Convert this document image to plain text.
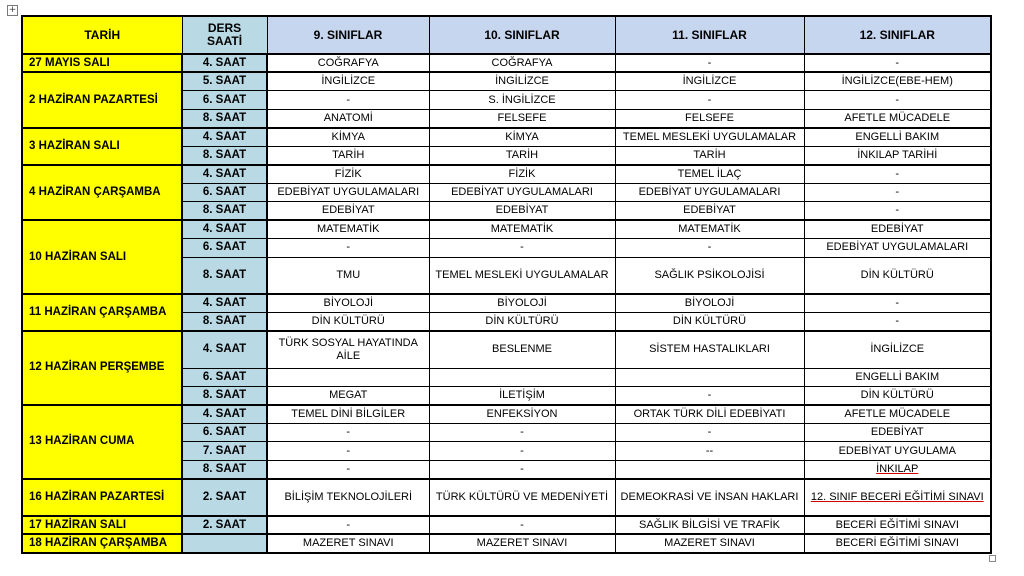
+
TARİH	DERS SAATİ	9. SINIFLAR	10. SINIFLAR	11. SINIFLAR	12. SINIFLAR
27 MAYIS SALI	4. SAAT	COĞRAFYA	COĞRAFYA	-	-
2 HAZİRAN PAZARTESİ	5. SAAT	İNGİLİZCE	İNGİLİZCE	İNGİLİZCE	İNGİLİZCE(EBE-HEM)
	6. SAAT	-	S. İNGİLİZCE	-	-
	8. SAAT	ANATOMİ	FELSEFE	FELSEFE	AFETLE MÜCADELE
3 HAZİRAN SALI	4. SAAT	KİMYA	KİMYA	TEMEL MESLEKİ UYGULAMALAR	ENGELLİ BAKIM
	8. SAAT	TARİH	TARİH	TARİH	İNKILAP TARİHİ
4 HAZİRAN ÇARŞAMBA	4. SAAT	FİZİK	FİZİK	TEMEL İLAÇ	-
	6. SAAT	EDEBİYAT UYGULAMALARI	EDEBİYAT UYGULAMALARI	EDEBİYAT UYGULAMALARI	-
	8. SAAT	EDEBİYAT	EDEBİYAT	EDEBİYAT	-
10 HAZİRAN SALI	4. SAAT	MATEMATİK	MATEMATİK	MATEMATİK	EDEBİYAT
	6. SAAT	-	-	-	EDEBİYAT UYGULAMALARI
	8. SAAT	TMU	TEMEL MESLEKİ UYGULAMALAR	SAĞLIK PSİKOLOJİSİ	DİN KÜLTÜRÜ
11 HAZİRAN ÇARŞAMBA	4. SAAT	BİYOLOJİ	BİYOLOJİ	BİYOLOJİ	-
	8. SAAT	DİN KÜLTÜRÜ	DİN KÜLTÜRÜ	DİN KÜLTÜRÜ	-
12 HAZİRAN PERŞEMBE	4. SAAT	TÜRK SOSYAL HAYATINDA AİLE	BESLENME	SİSTEM HASTALIKLARI	İNGİLİZCE
	6. SAAT				ENGELLİ BAKIM
	8. SAAT	MEGAT	İLETİŞİM	-	DİN KÜLTÜRÜ
13 HAZİRAN CUMA	4. SAAT	TEMEL DİNİ BİLGİLER	ENFEKSİYON	ORTAK TÜRK DİLİ EDEBİYATI	AFETLE MÜCADELE
	6. SAAT	-	-	-	EDEBİYAT
	7. SAAT	-	-	--	EDEBİYAT UYGULAMA
	8. SAAT	-	-		İNKILAP
16 HAZİRAN PAZARTESİ	2. SAAT	BİLİŞİM TEKNOLOJİLERİ	TÜRK KÜLTÜRÜ VE MEDENİYETİ	DEMEOKRASİ VE İNSAN HAKLARI	12. SINIF BECERİ EĞİTİMİ SINAVI
17 HAZİRAN SALI	2. SAAT	-	-	SAĞLIK BİLGİSİ VE TRAFİK	BECERİ EĞİTİMİ SINAVI
18 HAZİRAN ÇARŞAMBA		MAZERET SINAVI	MAZERET SINAVI	MAZERET SINAVI	BECERİ EĞİTİMİ SINAVI
